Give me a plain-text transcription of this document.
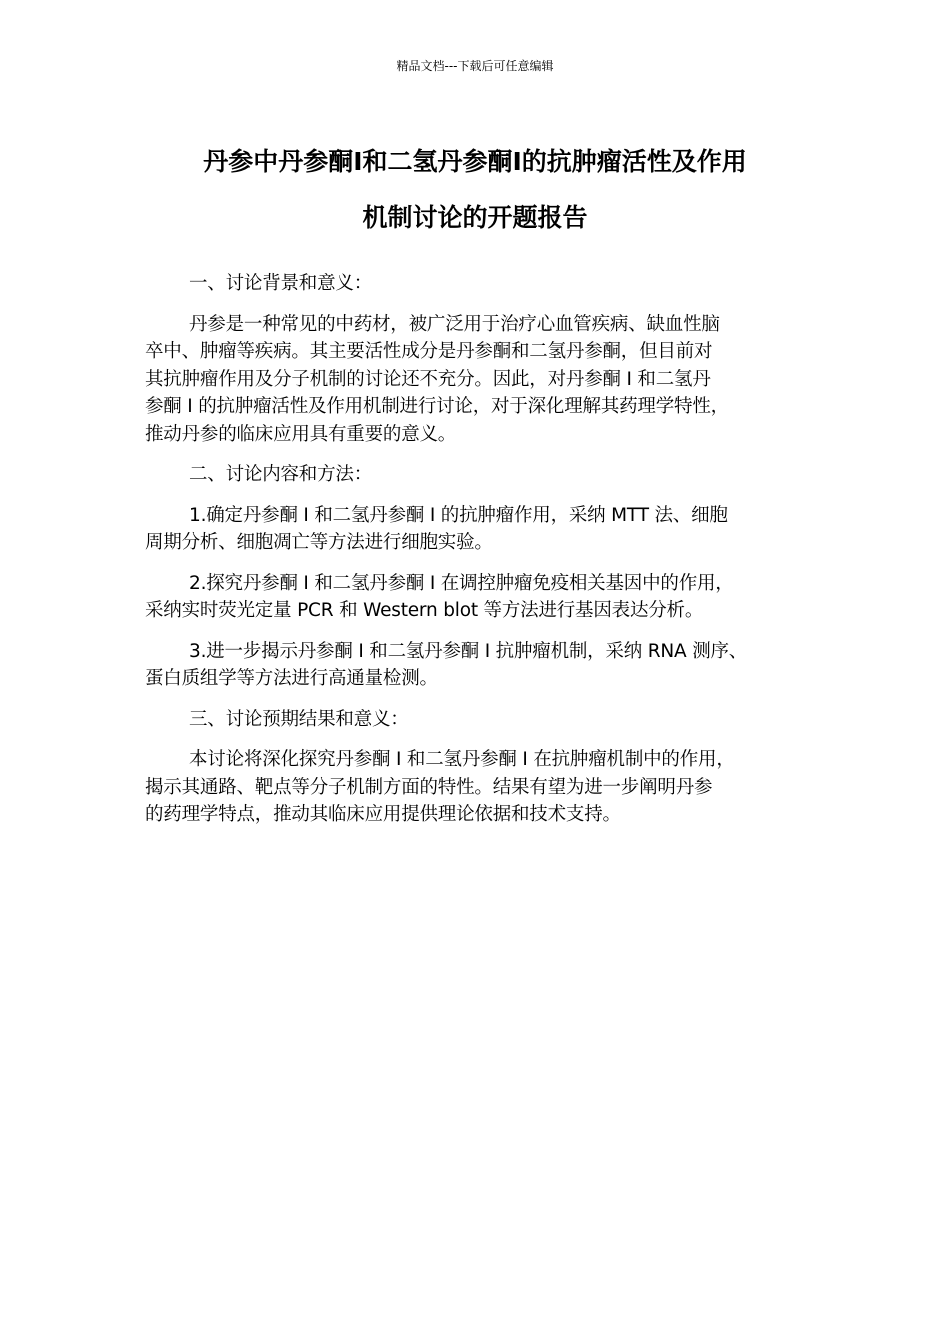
精品文档---下载后可任意编辑
丹参中丹参酮Ⅰ和二氢丹参酮Ⅰ的抗肿瘤活性及作用
机制讨论的开题报告

一、讨论背景和意义：

丹参是一种常见的中药材，被广泛用于治疗心血管疾病、缺血性脑
卒中、肿瘤等疾病。其主要活性成分是丹参酮和二氢丹参酮，但目前对
其抗肿瘤作用及分子机制的讨论还不充分。因此，对丹参酮 I 和二氢丹
参酮 I 的抗肿瘤活性及作用机制进行讨论，对于深化理解其药理学特性，
推动丹参的临床应用具有重要的意义。

二、讨论内容和方法：

1.确定丹参酮 I 和二氢丹参酮 I 的抗肿瘤作用，采纳 MTT 法、细胞
周期分析、细胞凋亡等方法进行细胞实验。

2.探究丹参酮 I 和二氢丹参酮 I 在调控肿瘤免疫相关基因中的作用，
采纳实时荧光定量 PCR 和 Western blot 等方法进行基因表达分析。

3.进一步揭示丹参酮 I 和二氢丹参酮 I 抗肿瘤机制，采纳 RNA 测序、
蛋白质组学等方法进行高通量检测。

三、讨论预期结果和意义：

本讨论将深化探究丹参酮 I 和二氢丹参酮 I 在抗肿瘤机制中的作用，
揭示其通路、靶点等分子机制方面的特性。结果有望为进一步阐明丹参
的药理学特点，推动其临床应用提供理论依据和技术支持。
